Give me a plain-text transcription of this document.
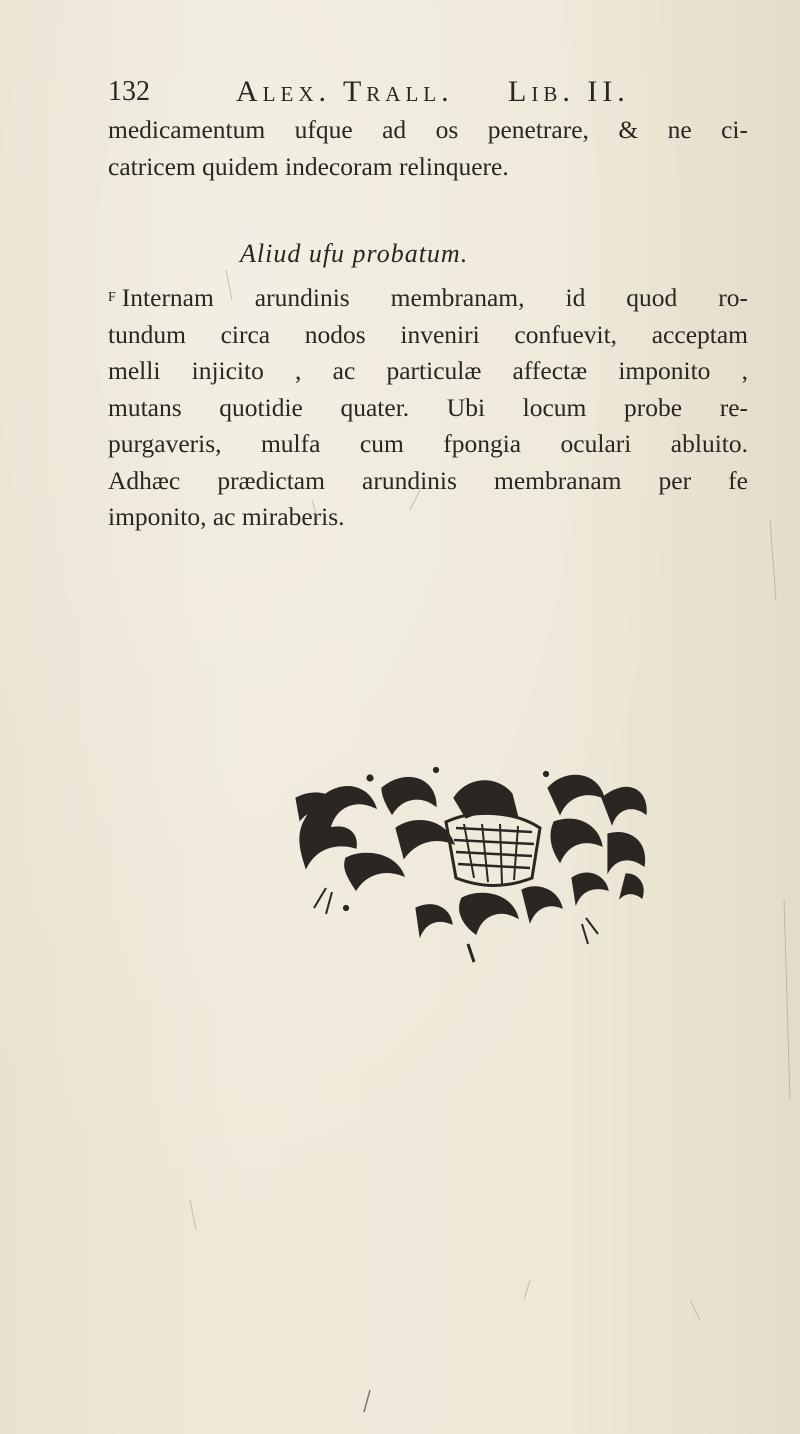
132	Alex. Trall. Lib. II.
medicamentum ufque ad os penetrare, & ne ci-
catricem quidem indecoram relinquere.
Aliud ufu probatum.
$^F$ Internam arundinis membranam, id quod ro-
tundum circa nodos inveniri confuevit, acceptam
melli injicito , ac particulæ affectæ imponito ,
mutans quotidie quater. Ubi locum probe re-
purgaveris, mulfa cum fpongia oculari abluito.
Adhæc prædictam arundinis membranam per fe
imponito, ac miraberis.
